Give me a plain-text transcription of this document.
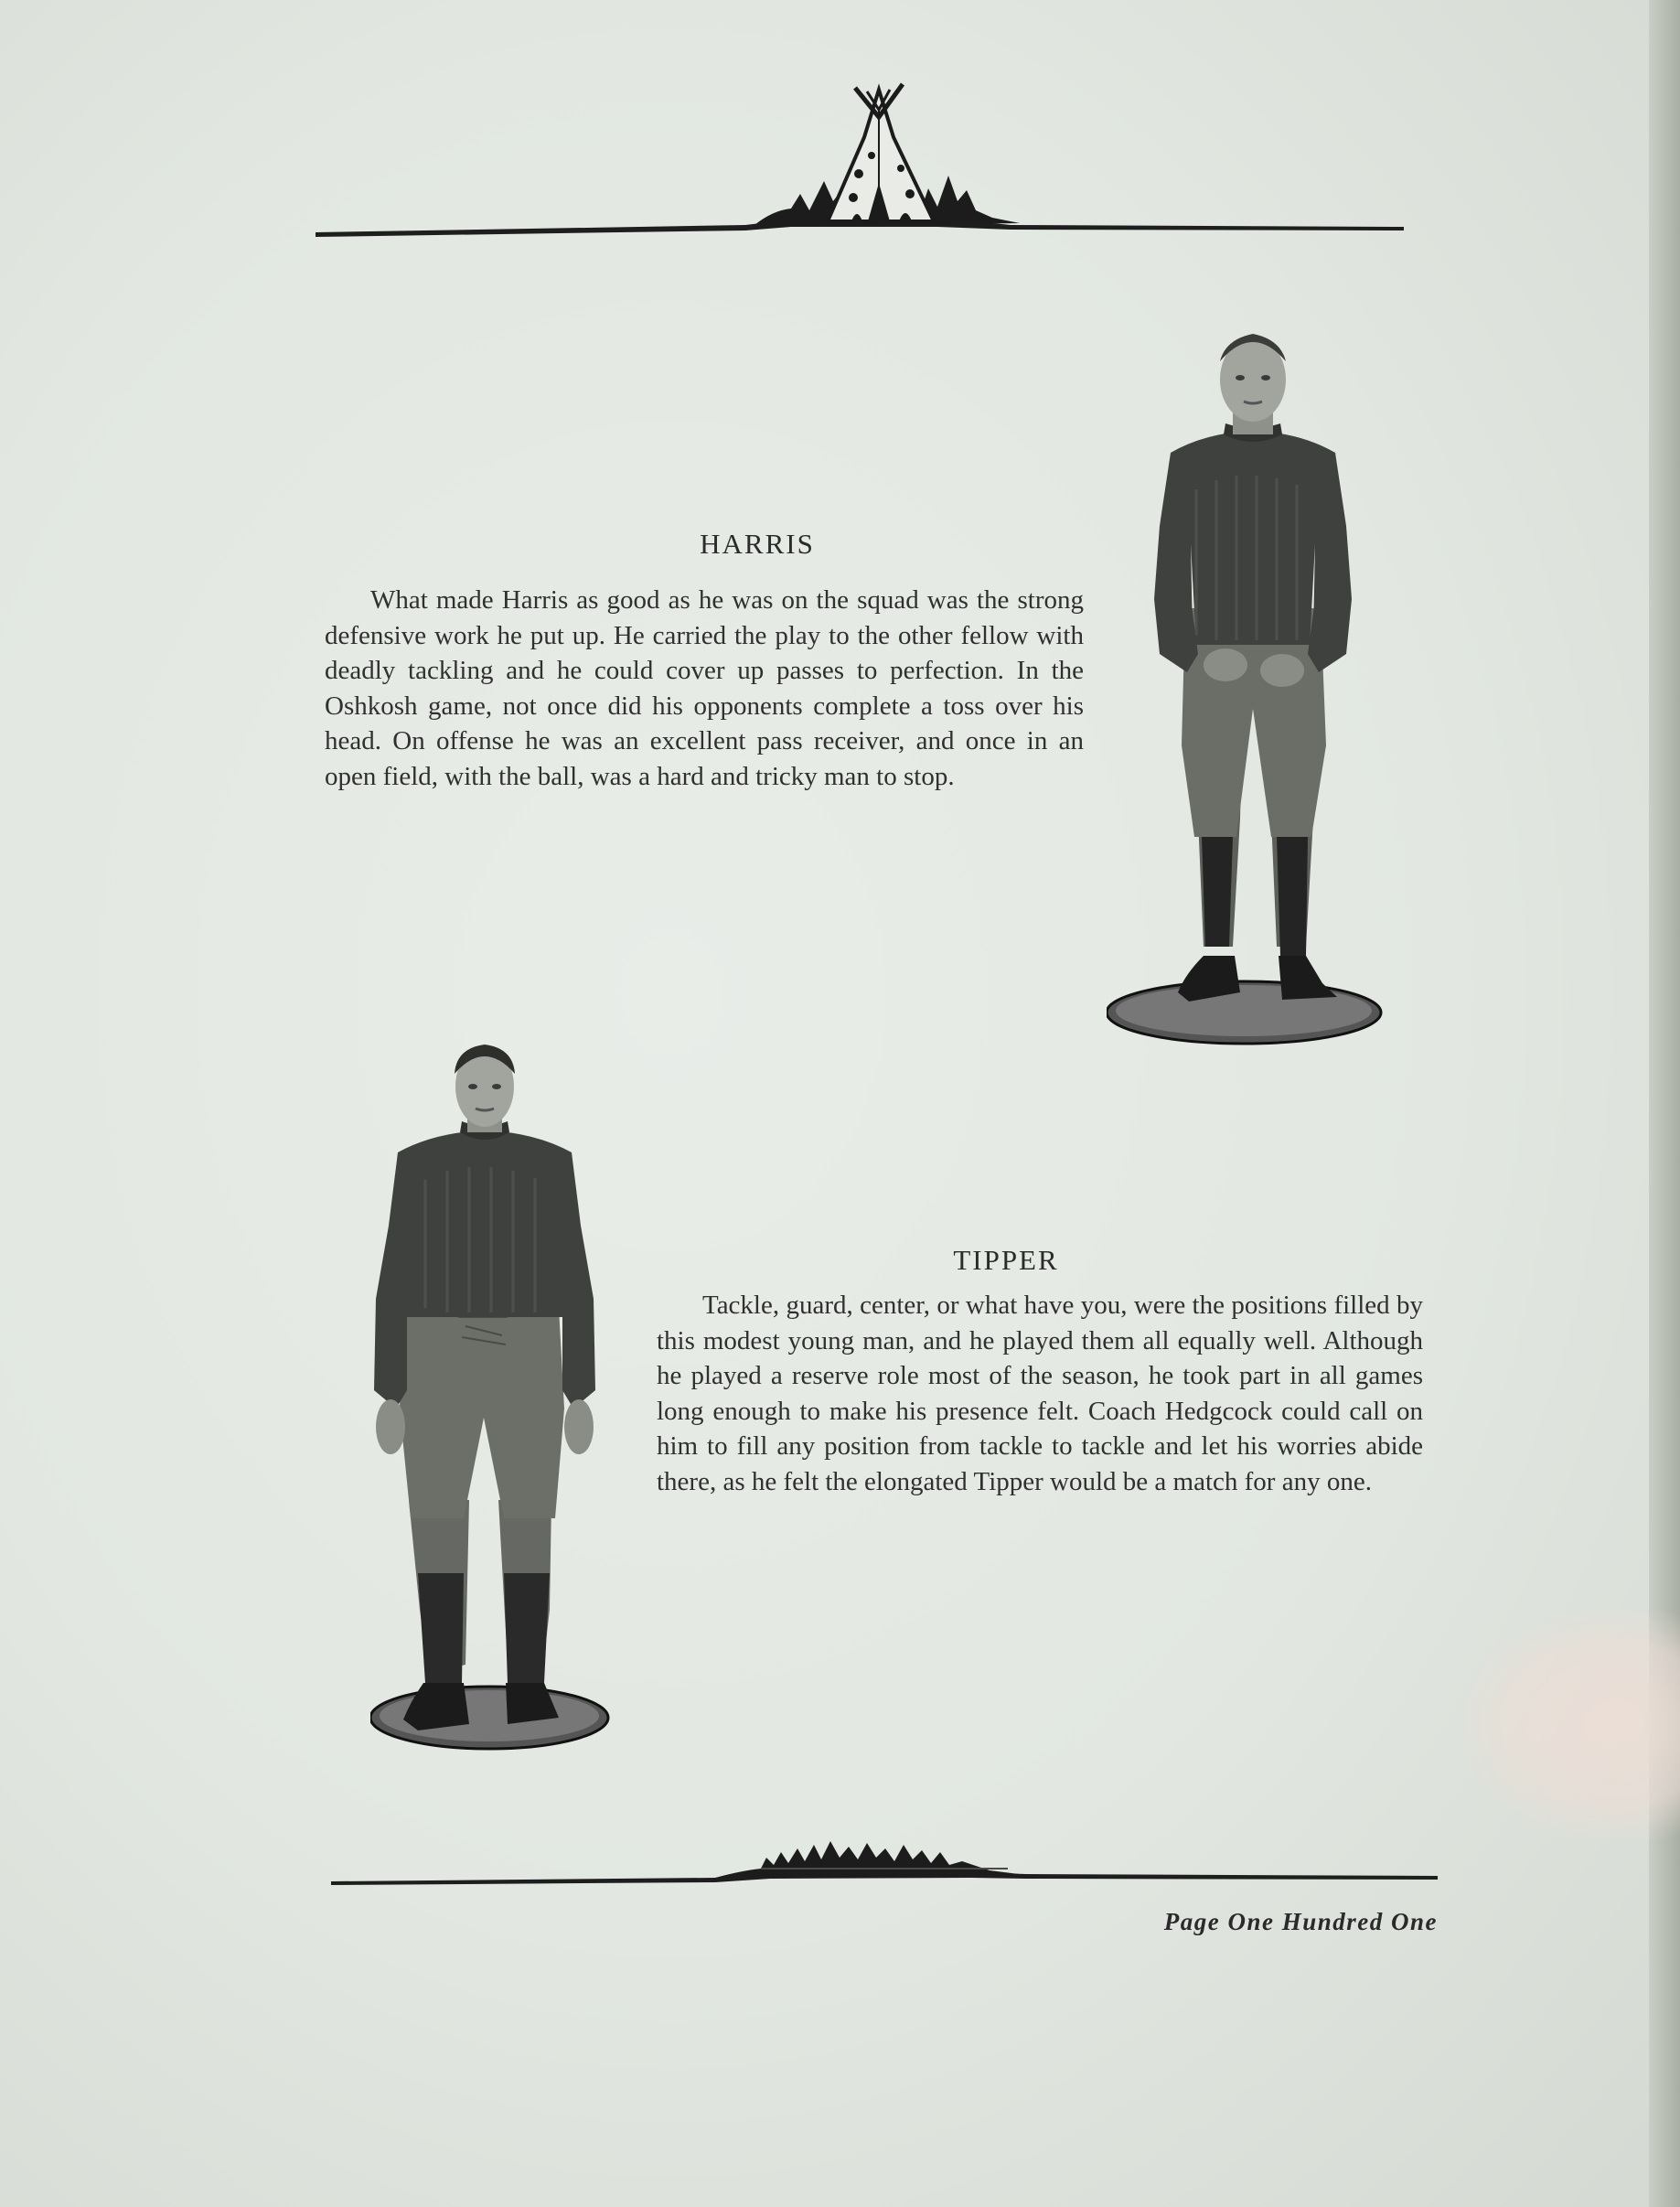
HARRIS

What made Harris as good as he was on the squad was the strong defensive work he put up. He carried the play to the other fellow with deadly tackling and he could cover up passes to perfection. In the Oshkosh game, not once did his opponents complete a toss over his head. On offense he was an excellent pass receiver, and once in an open field, with the ball, was a hard and tricky man to stop.

TIPPER

Tackle, guard, center, or what have you, were the positions filled by this modest young man, and he played them all equally well. Although he played a reserve role most of the season, he took part in all games long enough to make his presence felt. Coach Hedgcock could call on him to fill any position from tackle to tackle and let his worries abide there, as he felt the elongated Tipper would be a match for any one.

Page One Hundred One
